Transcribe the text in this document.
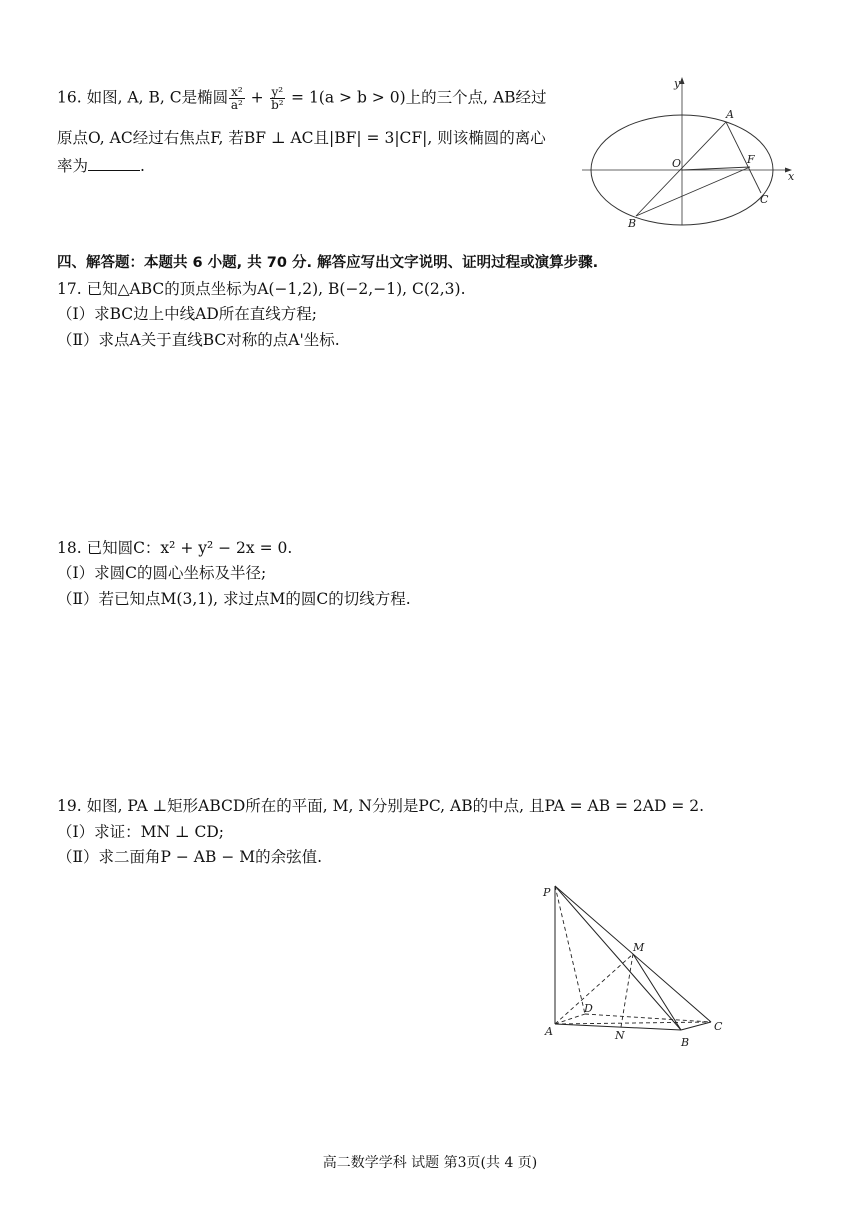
16. 如图, A, B, C是椭圆 $\frac{\text{x²}}{\text{a²}} + \frac{\text{y²}}{\text{b²}} = 1(a > b > 0)$上的三个点, AB经过
原点O, AC经过右焦点F, 若BF ⊥ AC且|BF| = 3|CF|, 则该椭圆的离心
率为	.
y
x
A
O	F
C
B
四、解答题：本题共 6 小题, 共 70 分. 解答应写出文字说明、证明过程或演算步骤.
17. 已知△ABC的顶点坐标为A(−1,2), B(−2,−1), C(2,3).
（Ⅰ）求BC边上中线AD所在直线方程;
（Ⅱ）求点A关于直线BC对称的点A'坐标.
18. 已知圆C：x² + y² − 2x = 0.
（Ⅰ）求圆C的圆心坐标及半径;
（Ⅱ）若已知点M(3,1), 求过点M的圆C的切线方程.
19. 如图, PA ⊥矩形ABCD所在的平面, M, N分别是PC, AB的中点, 且PA = AB = 2AD = 2.
（Ⅰ）求证：MN ⊥ CD;
（Ⅱ）求二面角P − AB − M的余弦值.
P
M
D
A	N
B
C
高二数学学科 试题 第3页(共 4 页)
